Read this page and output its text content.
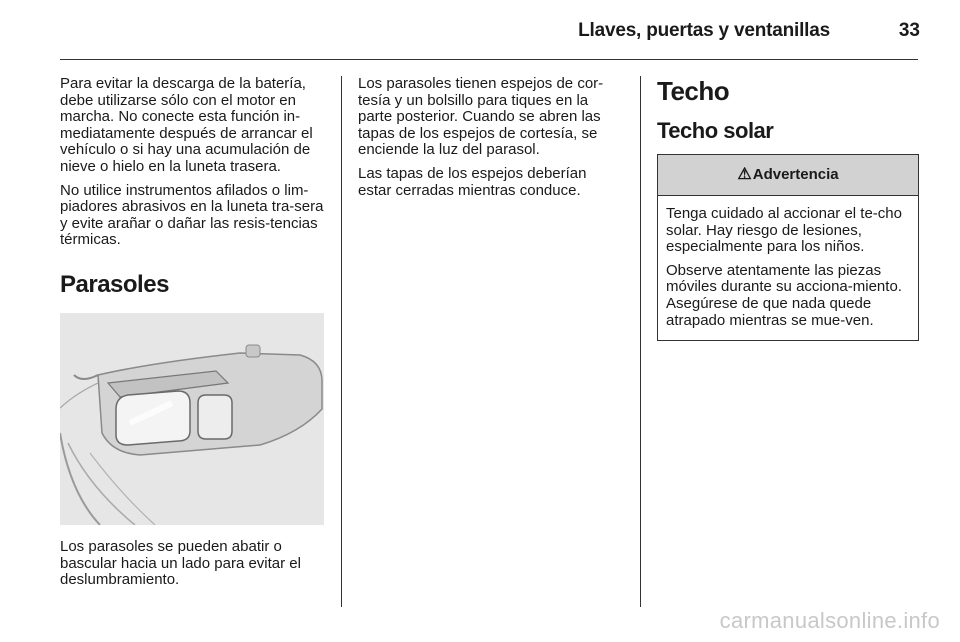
Llaves, puertas y ventanillas	33

Para evitar la descarga de la batería, debe utilizarse sólo con el motor en marcha. No conecte esta función in-mediatamente después de arrancar el vehículo o si hay una acumulación de nieve o hielo en la luneta trasera.

No utilice instrumentos afilados o lim-piadores abrasivos en la luneta tra-sera y evite arañar o dañar las resis-tencias térmicas.

Parasoles

Los parasoles se pueden abatir o bascular hacia un lado para evitar el deslumbramiento.

Los parasoles tienen espejos de cor-tesía y un bolsillo para tiques en la parte posterior. Cuando se abren las tapas de los espejos de cortesía, se enciende la luz del parasol.

Las tapas de los espejos deberían estar cerradas mientras conduce.

Techo
Techo solar
⚠ Advertencia

Tenga cuidado al accionar el te-cho solar. Hay riesgo de lesiones, especialmente para los niños.

Observe atentamente las piezas móviles durante su acciona-miento. Asegúrese de que nada quede atrapado mientras se mue-ven.

carmanualsonline.info
